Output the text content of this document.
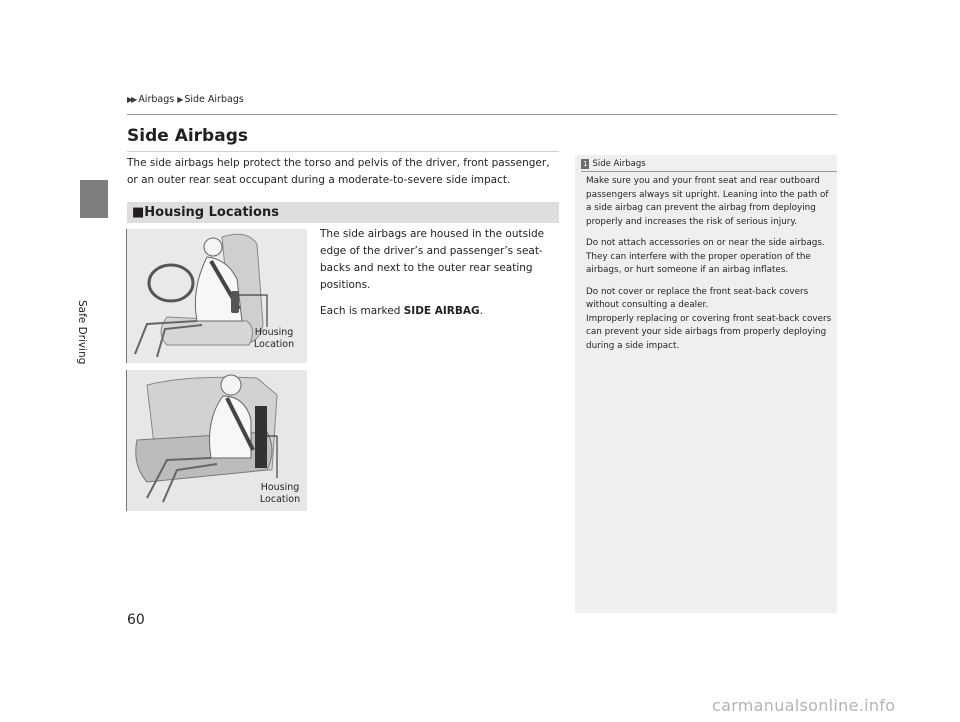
Safe Driving
▶▶ Airbags ▶ Side Airbags
Side Airbags
The side airbags help protect the torso and pelvis of the driver, front passenger, or an outer rear seat occupant during a moderate-to-severe side impact.
■Housing Locations

The side airbags are housed in the outside edge of the driver’s and passenger’s seat-backs and next to the outer rear seating positions.

Each is marked SIDE AIRBAG.

Housing
Location
Housing
Location
1 Side Airbags

Make sure you and your front seat and rear outboard passengers always sit upright. Leaning into the path of a side airbag can prevent the airbag from deploying properly and increases the risk of serious injury.

Do not attach accessories on or near the side airbags. They can interfere with the proper operation of the airbags, or hurt someone if an airbag inflates.

Do not cover or replace the front seat-back covers without consulting a dealer.
Improperly replacing or covering front seat-back covers can prevent your side airbags from properly deploying during a side impact.

60
carmanualsonline.info
